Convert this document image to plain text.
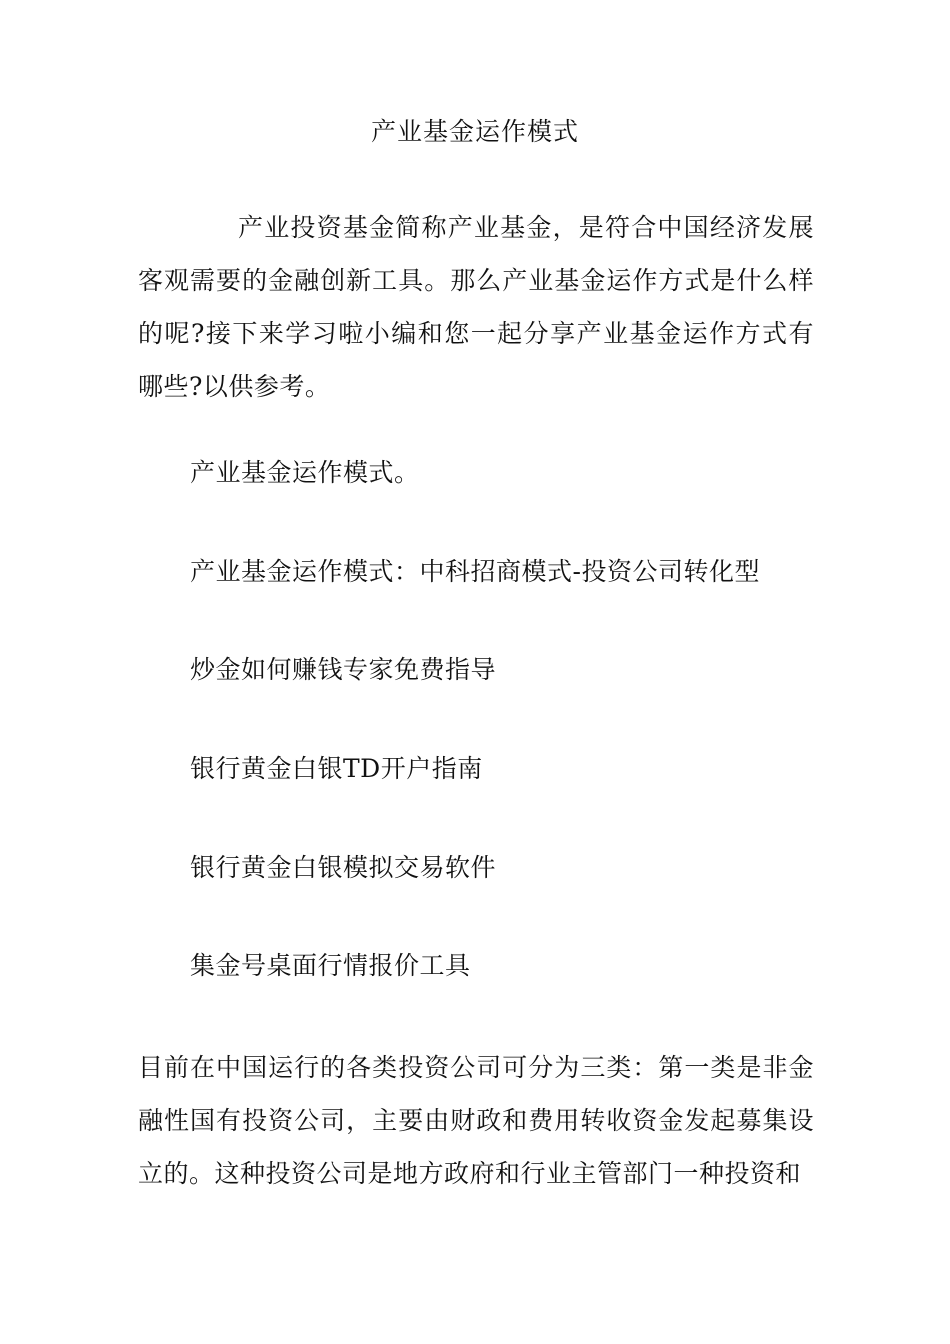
产业基金运作模式

产业投资基金简称产业基金，是符合中国经济发展客观需要的金融创新工具。那么产业基金运作方式是什么样的呢?接下来学习啦小编和您一起分享产业基金运作方式有哪些?以供参考。

产业基金运作模式。

产业基金运作模式：中科招商模式-投资公司转化型

炒金如何赚钱专家免费指导

银行黄金白银TD开户指南

银行黄金白银模拟交易软件

集金号桌面行情报价工具

目前在中国运行的各类投资公司可分为三类：第一类是非金融性国有投资公司，主要由财政和费用转收资金发起募集设立的。这种投资公司是地方政府和行业主管部门一种投资和
